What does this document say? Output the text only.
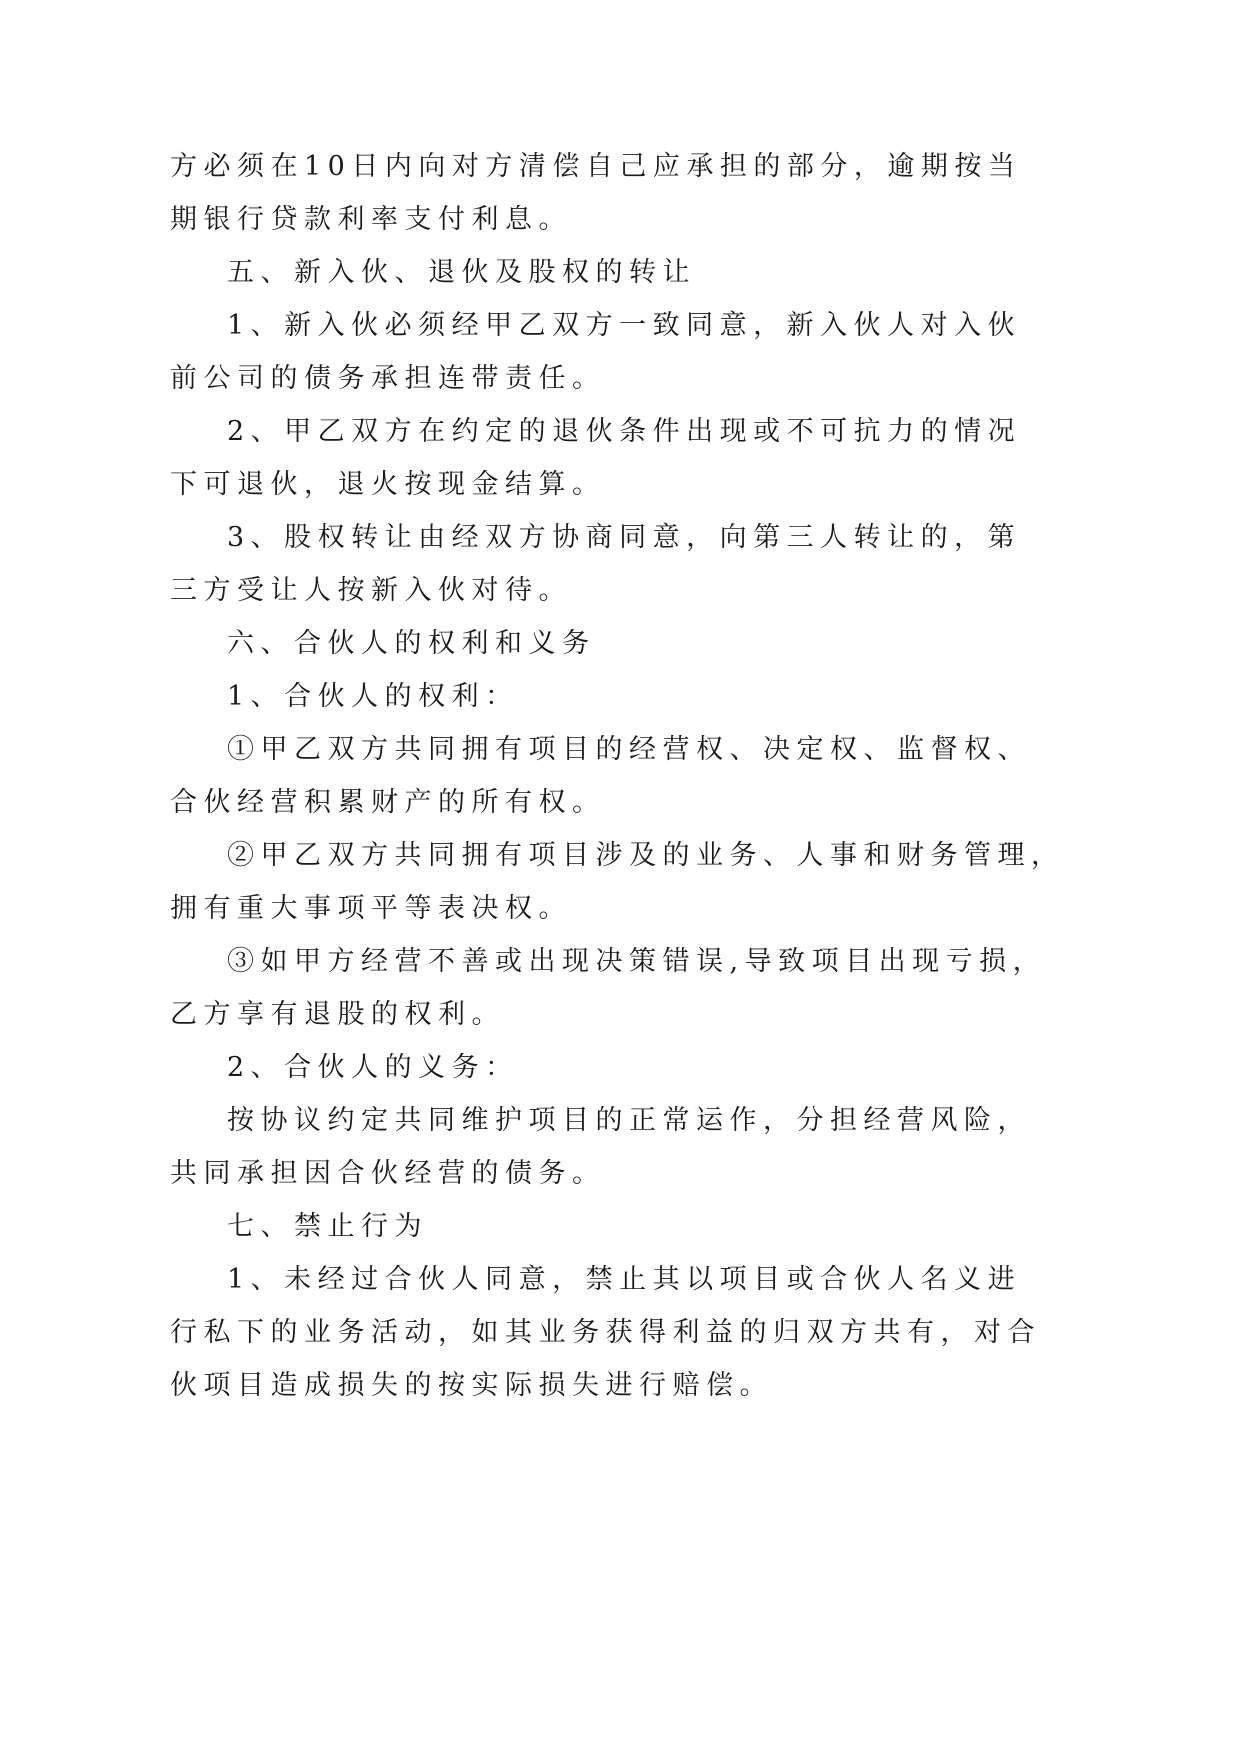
方必须在10日内向对方清偿自己应承担的部分，逾期按当
期银行贷款利率支付利息。
五、新入伙、退伙及股权的转让
1、新入伙必须经甲乙双方一致同意，新入伙人对入伙
前公司的债务承担连带责任。
2、甲乙双方在约定的退伙条件出现或不可抗力的情况
下可退伙，退火按现金结算。
3、股权转让由经双方协商同意，向第三人转让的，第
三方受让人按新入伙对待。
六、合伙人的权利和义务
1、合伙人的权利：
①甲乙双方共同拥有项目的经营权、决定权、监督权、
合伙经营积累财产的所有权。
②甲乙双方共同拥有项目涉及的业务、人事和财务管理，
拥有重大事项平等表决权。
③如甲方经营不善或出现决策错误,导致项目出现亏损，
乙方享有退股的权利。
2、合伙人的义务：
按协议约定共同维护项目的正常运作，分担经营风险，
共同承担因合伙经营的债务。
七、禁止行为
1、未经过合伙人同意，禁止其以项目或合伙人名义进
行私下的业务活动，如其业务获得利益的归双方共有，对合
伙项目造成损失的按实际损失进行赔偿。
